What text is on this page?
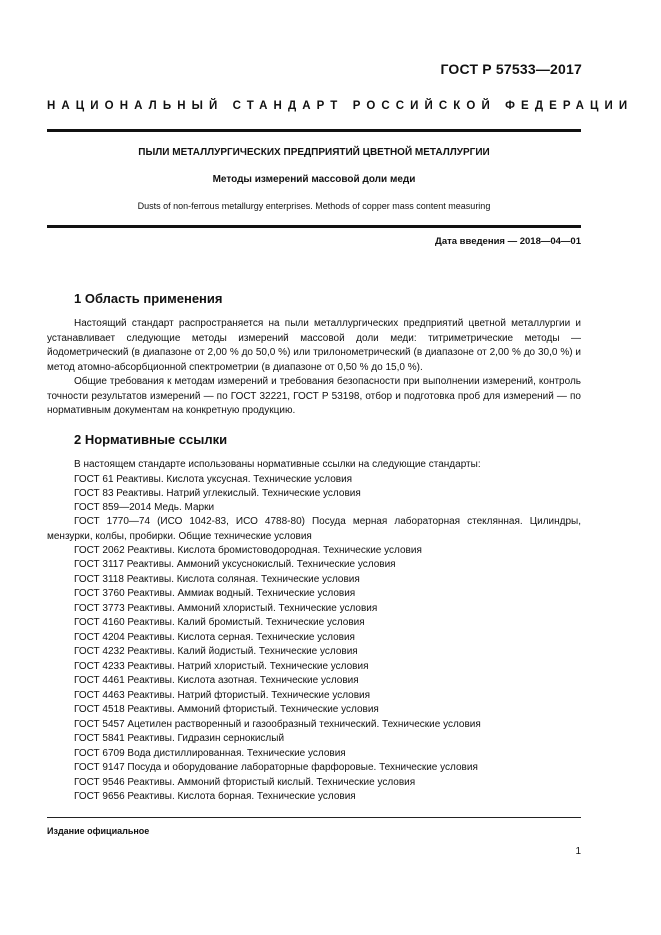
ГОСТ Р 57533—2017
НАЦИОНАЛЬНЫЙ СТАНДАРТ РОССИЙСКОЙ ФЕДЕРАЦИИ
ПЫЛИ МЕТАЛЛУРГИЧЕСКИХ ПРЕДПРИЯТИЙ ЦВЕТНОЙ МЕТАЛЛУРГИИ
Методы измерений массовой доли меди
Dusts of non-ferrous metallurgy enterprises. Methods of copper mass content measuring
Дата введения — 2018—04—01
1 Область применения

Настоящий стандарт распространяется на пыли металлургических предприятий цветной металлургии и устанавливает следующие методы измерений массовой доли меди: титриметрические методы — йодометрический (в диапазоне от 2,00 % до 50,0 %) или трилонометрический (в диапазоне от 2,00 % до 30,0 %) и метод атомно-абсорбционной спектрометрии (в диапазоне от 0,50 % до 15,0 %).

Общие требования к методам измерений и требования безопасности при выполнении измерений, контроль точности результатов измерений — по ГОСТ 32221, ГОСТ Р 53198, отбор и подготовка проб для измерений — по нормативным документам на конкретную продукцию.

2 Нормативные ссылки
В настоящем стандарте использованы нормативные ссылки на следующие стандарты:
ГОСТ 61 Реактивы. Кислота уксусная. Технические условия
ГОСТ 83 Реактивы. Натрий углекислый. Технические условия
ГОСТ 859—2014 Медь. Марки

ГОСТ 1770—74 (ИСО 1042-83, ИСО 4788-80) Посуда мерная лабораторная стеклянная. Цилиндры, мензурки, колбы, пробирки. Общие технические условия

ГОСТ 2062 Реактивы. Кислота бромистоводородная. Технические условия
ГОСТ 3117 Реактивы. Аммоний уксуснокислый. Технические условия
ГОСТ 3118 Реактивы. Кислота соляная. Технические условия
ГОСТ 3760 Реактивы. Аммиак водный. Технические условия
ГОСТ 3773 Реактивы. Аммоний хлористый. Технические условия
ГОСТ 4160 Реактивы. Калий бромистый. Технические условия
ГОСТ 4204 Реактивы. Кислота серная. Технические условия
ГОСТ 4232 Реактивы. Калий йодистый. Технические условия
ГОСТ 4233 Реактивы. Натрий хлористый. Технические условия
ГОСТ 4461 Реактивы. Кислота азотная. Технические условия
ГОСТ 4463 Реактивы. Натрий фтористый. Технические условия
ГОСТ 4518 Реактивы. Аммоний фтористый. Технические условия
ГОСТ 5457 Ацетилен растворенный и газообразный технический. Технические условия
ГОСТ 5841 Реактивы. Гидразин сернокислый
ГОСТ 6709 Вода дистиллированная. Технические условия
ГОСТ 9147 Посуда и оборудование лабораторные фарфоровые. Технические условия
ГОСТ 9546 Реактивы. Аммоний фтористый кислый. Технические условия
ГОСТ 9656 Реактивы. Кислота борная. Технические условия
Издание официальное
1
